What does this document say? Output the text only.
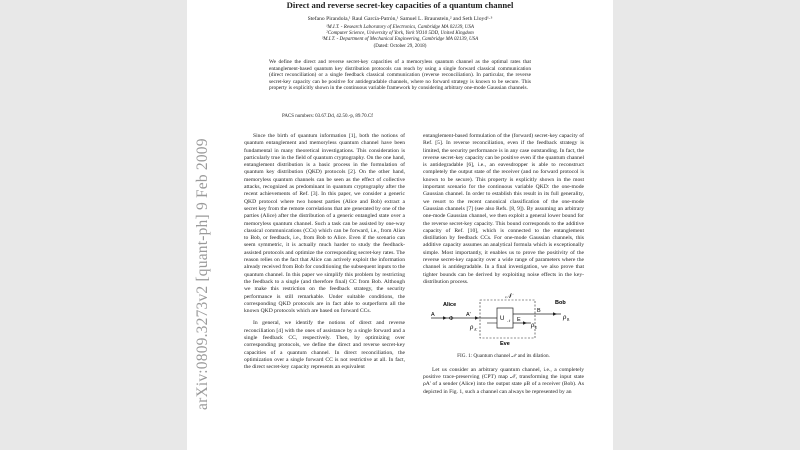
Direct and reverse secret-key capacities of a quantum channel
Stefano Pirandola,¹ Raul García-Patrón,¹ Samuel L. Braunstein,² and Seth Lloyd¹·³
¹M.I.T. - Research Laboratory of Electronics, Cambridge MA 02139, USA
²Computer Science, University of York, York YO10 5DD, United Kingdom
³M.I.T. - Department of Mechanical Engineering, Cambridge MA 02139, USA
(Dated: October 29, 2018)
We define the direct and reverse secret-key capacities of a memoryless quantum channel as the optimal rates that entanglement-based quantum key distribution protocols can reach by using a single forward classical communication (direct reconciliation) or a single feedback classical communication (reverse reconciliation). In particular, the reverse secret-key capacity can be positive for antidegradable channels, where no forward strategy is known to be secure. This property is explicitly shown in the continuous variable framework by considering arbitrary one-mode Gaussian channels.
PACS numbers: 03.67.Dd, 42.50.-p, 89.70.Cf

Since the birth of quantum information [1], both the notions of quantum entanglement and memoryless quantum channel have been fundamental in many theoretical investigations. This consideration is particularly true in the field of quantum cryptography. On the one hand, entanglement distribution is a basic process in the formulation of quantum key distribution (QKD) protocols [2]. On the other hand, memoryless quantum channels can be seen as the effect of collective attacks, recognized as predominant in quantum cryptography after the recent achievements of Ref. [3]. In this paper, we consider a generic QKD protocol where two honest parties (Alice and Bob) extract a secret key from the remote correlations that are generated by one of the parties (Alice) after the distribution of a generic entangled state over a memoryless quantum channel. Such a task can be assisted by one-way classical communications (CCs) which can be forward, i.e., from Alice to Bob, or feedback, i.e., from Bob to Alice. Even if the scenario can seem symmetric, it is actually much harder to study the feedback-assisted protocols and optimize the corresponding secret-key rates. The reason relies on the fact that Alice can actively exploit the information already received from Bob for conditioning the subsequent inputs to the quantum channel. In this paper we simplify this problem by restricting the feedback to a single (and therefore final) CC from Bob. Although we make this restriction on the feedback strategy, the security performance is still remarkable. Under suitable conditions, the corresponding QKD protocols are in fact able to outperform all the known QKD protocols which are based on forward CCs.

In general, we identify the notions of direct and reverse reconciliation [4] with the ones of assistance by a single forward and a single feedback CC, respectively. Then, by optimizing over corresponding protocols, we define the direct and reverse secret-key capacities of a quantum channel. In direct reconciliation, the optimization over a single forward CC is not restrictive at all. In fact, the direct secret-key capacity represents an equivalent

entanglement-based formulation of the (forward) secret-key capacity of Ref. [5]. In reverse reconciliation, even if the feedback strategy is limited, the security performance is in any case outstanding. In fact, the reverse secret-key capacity can be positive even if the quantum channel is antidegradable [6], i.e., an eavesdropper is able to reconstruct completely the output state of the receiver (and no forward protocol is known to be secure). This property is explicitly shown in the most important scenario for the continuous variable QKD: the one-mode Gaussian channel. In order to establish this result in its full generality, we resort to the recent canonical classification of the one-mode Gaussian channels [7] (see also Refs. [8, 9]). By assuming an arbitrary one-mode Gaussian channel, we then exploit a general lower bound for the reverse secret-key capacity. This bound corresponds to the additive capacity of Ref. [10], which is connected to the entanglement distillation by feedback CCs. For one-mode Gaussian channels, this additive capacity assumes an analytical formula which is exceptionally simple. Most importantly, it enables us to prove the positivity of the reverse secret-key capacity over a wide range of parameters where the channel is antidegradable. In a final investigation, we also prove that tighter bounds can be derived by exploiting noise effects in the key-distribution process.

Alice	Bob
Eve
A
Φ
A'
𝒩
U 𝒩
B
E
ρ A'
ρ B
ρ E
FIG. 1: Quantum channel 𝒩 and its dilation.

Let us consider an arbitrary quantum channel, i.e., a completely positive trace-preserving (CPT) map 𝒩, transforming the input state ρA' of a sender (Alice) into the output state ρB of a receiver (Bob). As depicted in Fig. 1, such a channel can always be represented by an

arXiv:0809.3273v2 [quant-ph] 9 Feb 2009
